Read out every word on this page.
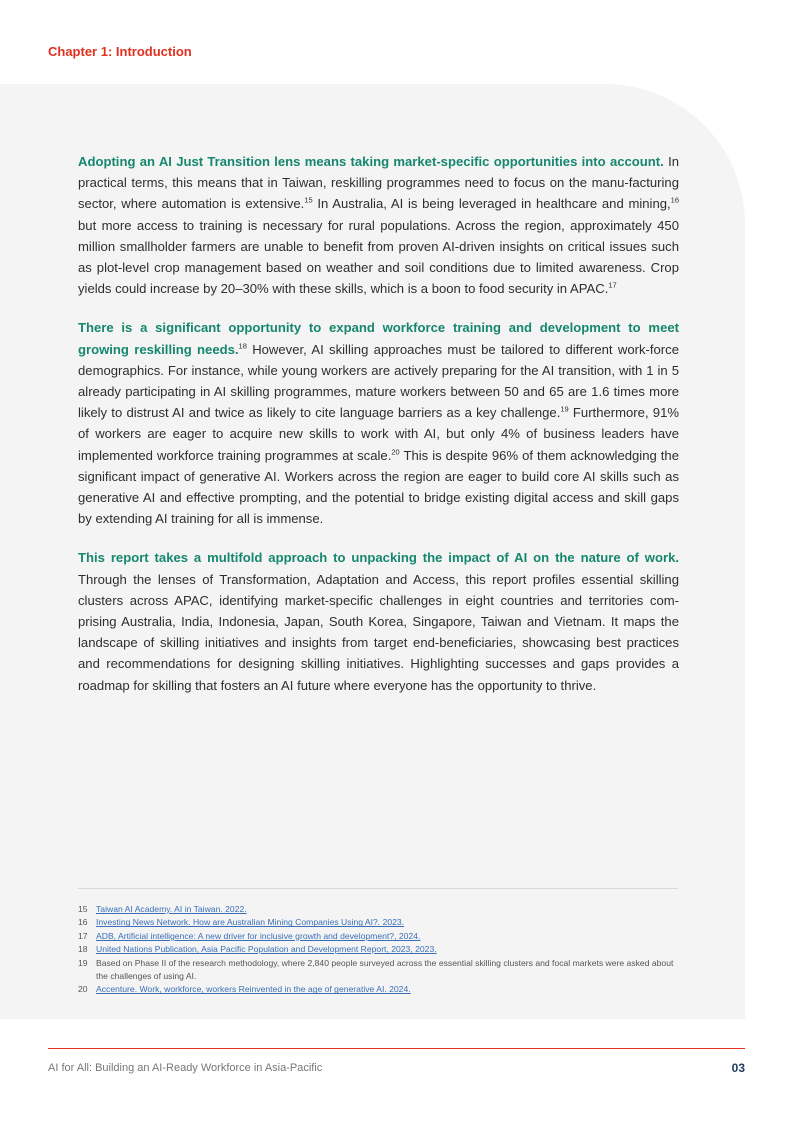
Chapter 1: Introduction

Adopting an AI Just Transition lens means taking market-specific opportunities into account. In practical terms, this means that in Taiwan, reskilling programmes need to focus on the manu-facturing sector, where automation is extensive.$^{15}$ In Australia, AI is being leveraged in healthcare and mining,$^{16}$ but more access to training is necessary for rural populations. Across the region, approximately 450 million smallholder farmers are unable to benefit from proven AI-driven insights on critical issues such as plot-level crop management based on weather and soil conditions due to limited awareness. Crop yields could increase by 20–30% with these skills, which is a boon to food security in APAC.$^{17}$

There is a significant opportunity to expand workforce training and development to meet growing reskilling needs.$^{18}$ However, AI skilling approaches must be tailored to different work-force demographics. For instance, while young workers are actively preparing for the AI transition, with 1 in 5 already participating in AI skilling programmes, mature workers between 50 and 65 are 1.6 times more likely to distrust AI and twice as likely to cite language barriers as a key challenge.$^{19}$ Furthermore, 91% of workers are eager to acquire new skills to work with AI, but only 4% of business leaders have implemented workforce training programmes at scale.$^{20}$ This is despite 96% of them acknowledging the significant impact of generative AI. Workers across the region are eager to build core AI skills such as generative AI and effective prompting, and the potential to bridge existing digital access and skill gaps by extending AI training for all is immense.

This report takes a multifold approach to unpacking the impact of AI on the nature of work. Through the lenses of Transformation, Adaptation and Access, this report profiles essential skilling clusters across APAC, identifying market-specific challenges in eight countries and territories com-prising Australia, India, Indonesia, Japan, South Korea, Singapore, Taiwan and Vietnam. It maps the landscape of skilling initiatives and insights from target end-beneficiaries, showcasing best practices and recommendations for designing skilling initiatives. Highlighting successes and gaps provides a roadmap for skilling that fosters an AI future where everyone has the opportunity to thrive.

15 Taiwan AI Academy. AI in Taiwan. 2022.
16 Investing News Network. How are Australian Mining Companies Using AI?. 2023.
17 ADB, Artificial intelligence: A new driver for inclusive growth and development?, 2024.
18 United Nations Publication, Asia Pacific Population and Development Report, 2023, 2023.
19 Based on Phase II of the research methodology, where 2,840 people surveyed across the essential skilling clusters and focal markets were asked about the challenges of using AI.
20 Accenture. Work, workforce, workers Reinvented in the age of generative AI. 2024.
AI for All: Building an AI-Ready Workforce in Asia-Pacific	03
